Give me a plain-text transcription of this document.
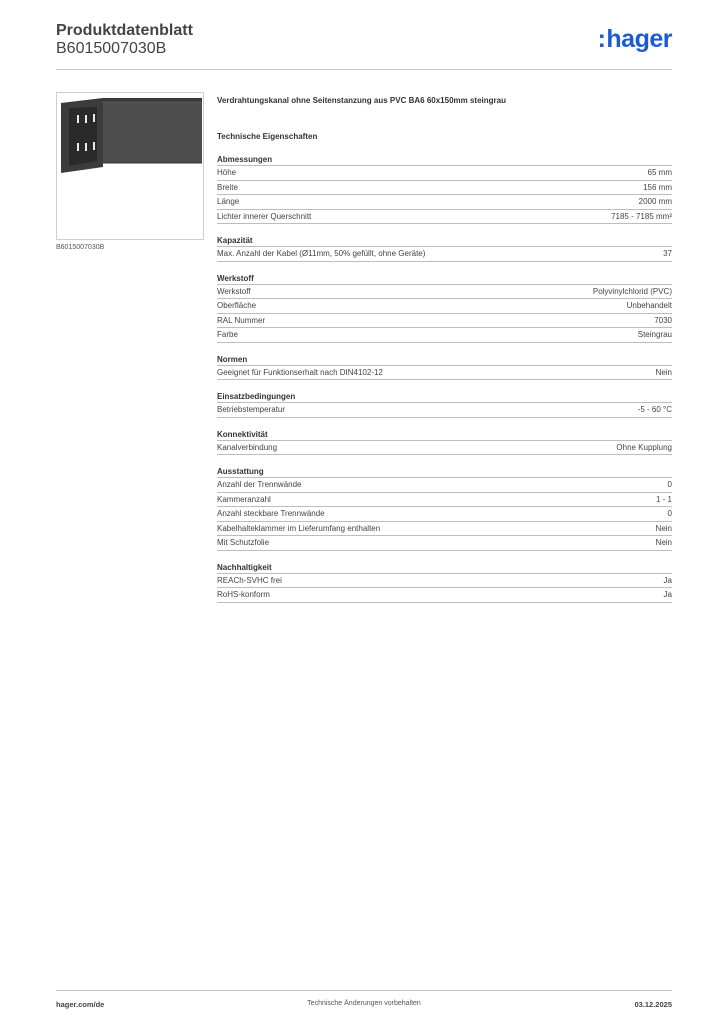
Produktdatenblatt
B6015007030B	:hager
B6015007030B
Verdrahtungskanal ohne Seitenstanzung aus PVC BA6 60x150mm steingrau
Technische Eigenschaften
Abmessungen
Höhe	65 mm
Breite	156 mm
Länge	2000 mm
Lichter innerer Querschnitt	7185 - 7185 mm²
Kapazität
Max. Anzahl der Kabel (Ø11mm, 50% gefüllt, ohne Geräte)	37
Werkstoff
Werkstoff	Polyvinylchlorid (PVC)
Oberfläche	Unbehandelt
RAL Nummer	7030
Farbe	Steingrau
Normen
Geeignet für Funktionserhalt nach DIN4102-12	Nein
Einsatzbedingungen
Betriebstemperatur	-5 - 60 °C
Konnektivität
Kanalverbindung	Ohne Kupplung
Ausstattung
Anzahl der Trennwände	0
Kammeranzahl	1 - 1
Anzahl steckbare Trennwände	0
Kabelhalteklammer im Lieferumfang enthalten	Nein
Mit Schutzfolie	Nein
Nachhaltigkeit
REACh-SVHC frei	Ja
RoHS-konform	Ja
hager.com/de	Technische Änderungen vorbehalten	03.12.2025
